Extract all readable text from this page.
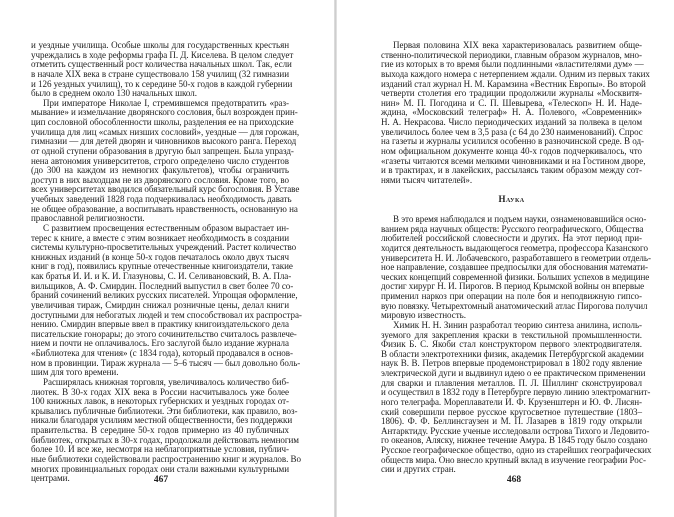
и уездные училища. Особые школы для государственных крестьян
учреждались в ходе реформы графа П. Д. Киселева. В целом следует
отметить существенный рост количества начальных школ. Так, если
в начале XIX века в стране существовало 158 училищ (32 гимназии
и 126 уездных училищ), то к середине 50-х годов в каждой губернии
было в среднем около 130 начальных школ.
При императоре Николае I, стремившемся предотвратить «раз-
мывание» и измельчание дворянского сословия, был возрожден прин-
цип сословной обособленности школы, разделения ее на приходские
училища для лиц «самых низших сословий», уездные — для горожан,
гимназии — для детей дворян и чиновников высокого ранга. Переход
от одной ступени образования в другую был запрещен. Была упразд-
нена автономия университетов, строго определено число студентов
(до 300 на каждом из немногих факультетов), чтобы ограничить
доступ в них выходцам не из дворянского сословия. Кроме того, во
всех университетах вводился обязательный курс богословия. В Уставе
учебных заведений 1828 года подчеркивалась необходимость давать
не общее образование, а воспитывать нравственность, основанную на
православной религиозности.
С развитием просвещения естественным образом вырастает ин-
терес к книге, а вместе с этим возникает необходимость в создании
системы культурно-просветительных учреждений. Растет количество
книжных изданий (в конце 50-х годов печаталось около двух тысяч
книг в год), появились крупные отечественные книгоиздатели, такие
как братья И. И. и К. И. Глазуновы, С. И. Селивановский, В. А. Пла-
вильщиков, А. Ф. Смирдин. Последний выпустил в свет более 70 со-
браний сочинений великих русских писателей. Упрощая оформление,
увеличивая тираж, Смирдин снижал розничные цены, делал книги
доступными для небогатых людей и тем способствовал их распростра-
нению. Смирдин впервые ввел в практику книгоиздательского дела
писательские гонорары; до этого сочинительство считалось развлече-
нием и почти не оплачивалось. Его заслугой было издание журнала
«Библиотека для чтения» (с 1834 года), который продавался в основ-
ном в провинции. Тираж журнала — 5–6 тысяч — был довольно боль-
шим для того времени.
Расширялась книжная торговля, увеличивалось количество биб-
лиотек. В 30-х годах XIX века в России насчитывалось уже более
100 книжных лавок, в некоторых губернских и уездных городах от-
крывались публичные библиотеки. Эти библиотеки, как правило, воз-
никали благодаря усилиям местной общественности, без поддержки
правительства. В середине 50-х годов примерно из 40 публичных
библиотек, открытых в 30-х годах, продолжали действовать немногим
более 10. И все же, несмотря на неблагоприятные условия, публич-
ные библиотеки содействовали распространению книг и журналов. Во
многих провинциальных городах они стали важными культурными
центрами.	467
Первая половина XIX века характеризовалась развитием обще-
ственно-политической периодики, главным образом журналов, мно-
гие из которых в то время были подлинными «властителями дум» —
выхода каждого номера с нетерпением ждали. Одним из первых таких
изданий стал журнал Н. М. Карамзина «Вестник Европы». Во второй
четверти столетия его традиции продолжили журналы «Москвитя-
нин» М. П. Погодина и С. П. Шевырева, «Телескоп» Н. И. Наде-
ждина, «Московский телеграф» Н. А. Полевого, «Современник»
Н. А. Некрасова. Число периодических изданий за полвека в целом
увеличилось более чем в 3,5 раза (с 64 до 230 наименований). Спрос
на газеты и журналы усилился особенно в разночинской среде. В од-
ном официальном документе конца 40-х годов подчеркивалось, что
«газеты читаются всеми мелкими чиновниками и на Гостином дворе,
и в трактирах, и в лакейских, рассылаясь таким образом между сот-
нями тысяч читателей».
Наука
В это время наблюдался и подъем науки, ознаменовавшийся осно-
ванием ряда научных обществ: Русского географического, Общества
любителей российской словесности и других. На этот период при-
ходится деятельность выдающегося геометра, профессора Казанского
университета Н. И. Лобачевского, разработавшего в геометрии отдель-
ное направление, создавшее предпосылки для обоснования математи-
ческих концепций современной физики. Больших успехов в медицине
достиг хирург Н. И. Пирогов. В период Крымской войны он впервые
применил наркоз при операции на поле боя и неподвижную гипсо-
вую повязку. Четырехтомный анатомический атлас Пирогова получил
мировую известность.
Химик Н. Н. Зинин разработал теорию синтеза анилина, исполь-
зуемого для закрепления краски в текстильной промышленности.
Физик Б. С. Якоби стал конструктором первого электродвигателя.
В области электротехники физик, академик Петербургской академии
наук В. В. Петров впервые продемонстрировал в 1802 году явление
электрической дуги и выдвинул идею о ее практическом применении
для сварки и плавления металлов. П. Л. Шиллинг сконструировал
и осуществил в 1832 году в Петербурге первую линию электромагнит-
ного телеграфа. Мореплаватели И. Ф. Крузенштерн и Ю. Ф. Лисян-
ский совершили первое русское кругосветное путешествие (1803–
1806). Ф. Ф. Беллинсгаузен и М. П. Лазарев в 1819 году открыли
Антарктиду. Русские ученые исследовали острова Тихого и Ледовито-
го океанов, Аляску, нижнее течение Амура. В 1845 году было создано
Русское географическое общество, одно из старейших географических
обществ мира. Оно внесло крупный вклад в изучение географии Рос-
сии и других стран.
468
